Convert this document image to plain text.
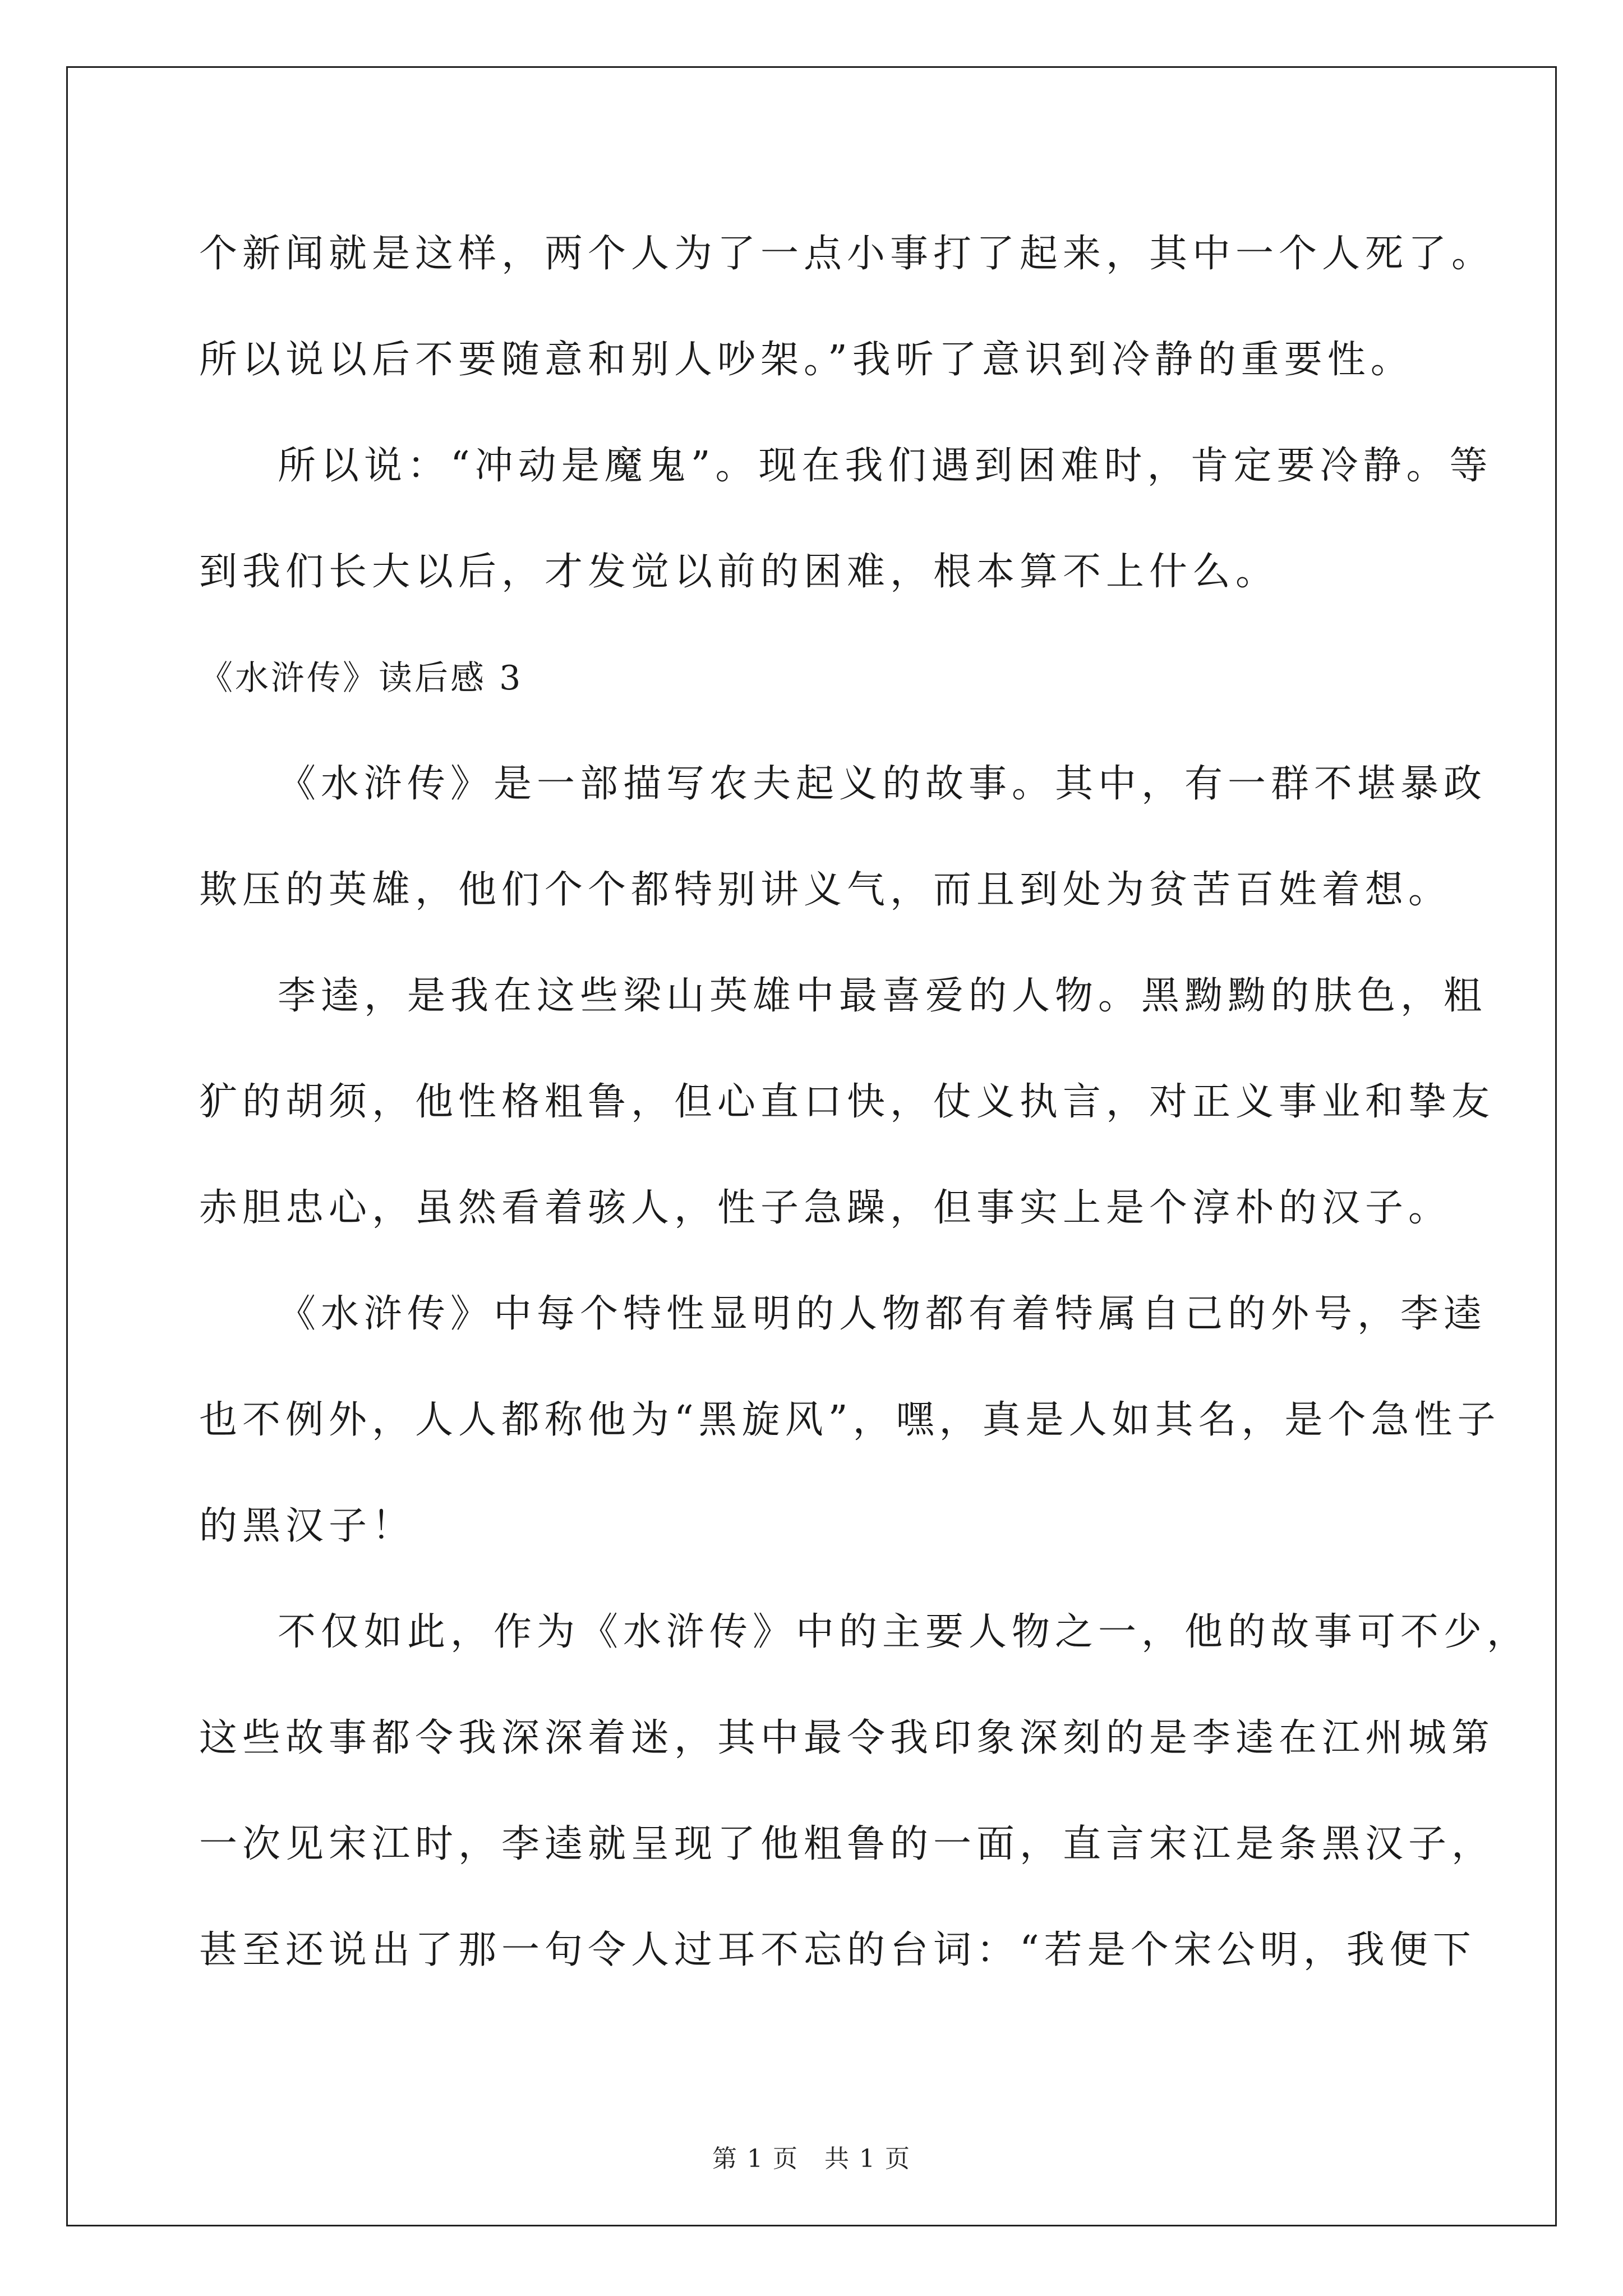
个新闻就是这样，两个人为了一点小事打了起来，其中一个人死了。
所以说以后不要随意和别人吵架。”我听了意识到冷静的重要性。
所以说：“冲动是魔鬼”。现在我们遇到困难时，肯定要冷静。等
到我们长大以后，才发觉以前的困难，根本算不上什么。
《水浒传》读后感 3
《水浒传》是一部描写农夫起义的故事。其中，有一群不堪暴政
欺压的英雄，他们个个都特别讲义气，而且到处为贫苦百姓着想。
李逵，是我在这些梁山英雄中最喜爱的人物。黑黝黝的肤色，粗
犷的胡须，他性格粗鲁，但心直口快，仗义执言，对正义事业和挚友
赤胆忠心，虽然看着骇人，性子急躁，但事实上是个淳朴的汉子。
《水浒传》中每个特性显明的人物都有着特属自己的外号，李逵
也不例外，人人都称他为“黑旋风”，嘿，真是人如其名，是个急性子
的黑汉子！
不仅如此，作为《水浒传》中的主要人物之一，他的故事可不少，
这些故事都令我深深着迷，其中最令我印象深刻的是李逵在江州城第
一次见宋江时，李逵就呈现了他粗鲁的一面，直言宋江是条黑汉子，
甚至还说出了那一句令人过耳不忘的台词：“若是个宋公明，我便下
第 1 页　共 1 页
